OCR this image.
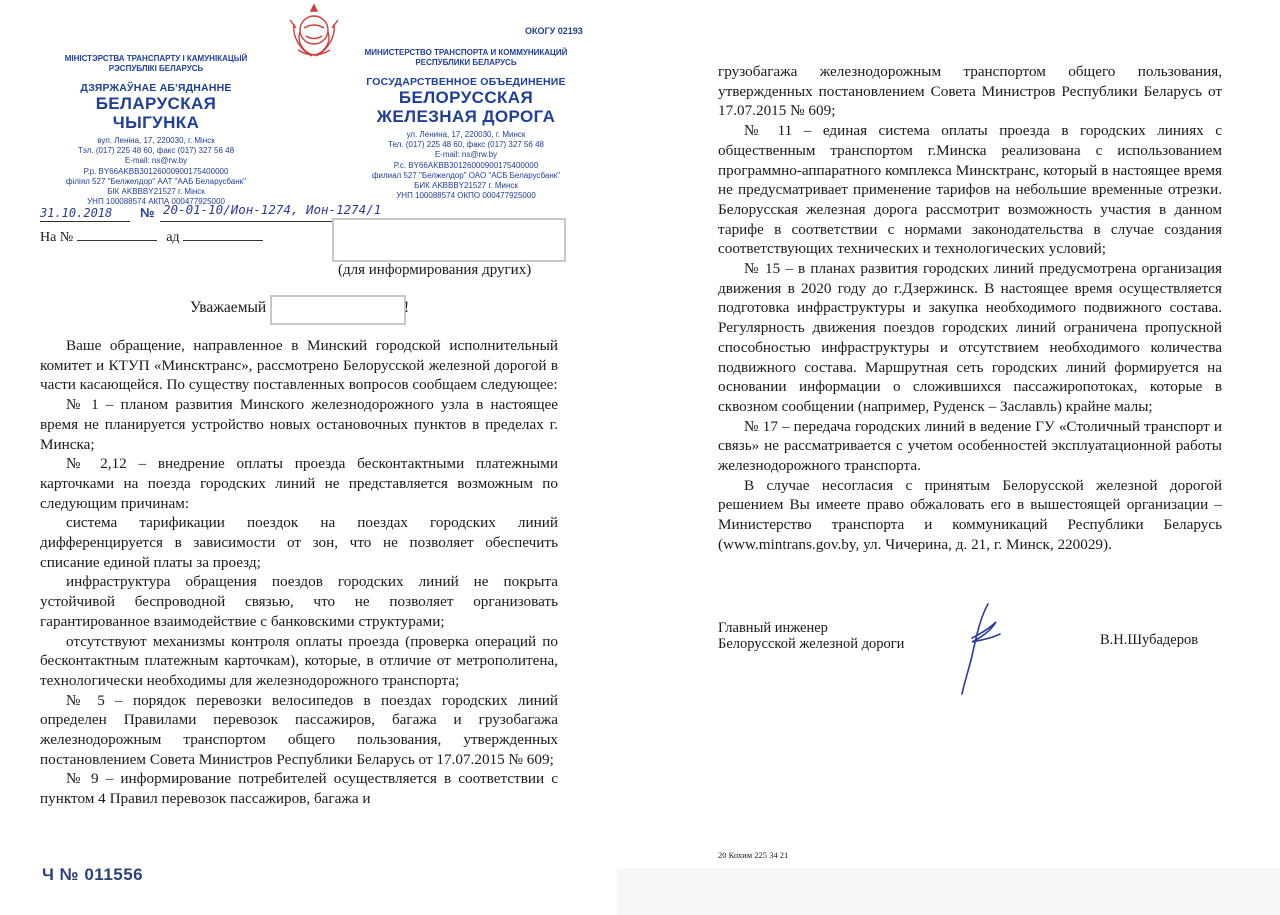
ОКОГУ 02193
МІНІСТЭРСТВА ТРАНСПАРТУ І КАМУНІКАЦЫЙ
РЭСПУБЛІКІ БЕЛАРУСЬ
ДЗЯРЖАЎНАЕ АБ'ЯДНАННЕ
БЕЛАРУСКАЯ
ЧЫГУНКА
вул. Леніна, 17, 220030, г. Мінск
Тэл. (017) 225 48 60, факс (017) 327 56 48
E-mail: ns@rw.by
Р.р. BY66AKBB30126000900175400000
філіял 527 "Белжелдор" ААТ "ААБ Беларусбанк"
БІК AKBBBY21527 г. Мінск
УНП 100088574 АКПА 000477925000
МИНИСТЕРСТВО ТРАНСПОРТА И КОММУНИКАЦИЙ
РЕСПУБЛИКИ БЕЛАРУСЬ
ГОСУДАРСТВЕННОЕ ОБЪЕДИНЕНИЕ
БЕЛОРУССКАЯ
ЖЕЛЕЗНАЯ ДОРОГА
ул. Ленина, 17, 220030, г. Минск
Тел. (017) 225 48 60, факс (017) 327 56 48
E-mail: ns@rw.by
Р.с. BY66AKBB30126000900175400000
филиал 527 "Белжелдор" ОАО "АСБ Беларусбанк"
БИК AKBBBY21527 г. Минск
УНП 100088574 ОКПО 000477925000
31.10.2018 № 20-01-10/Ион-1274, Ион-1274/1
На №	ад
(для информирования других)
Уважаемый	!

Ваше обращение, направленное в Минский городской исполнительный комитет и КТУП «Минсктранс», рассмотрено Белорусской железной дорогой в части касающейся. По существу поставленных вопросов сообщаем следующее:

№ 1 – планом развития Минского железнодорожного узла в настоящее время не планируется устройство новых остановочных пунктов в пределах г. Минска;

№ 2,12 – внедрение оплаты проезда бесконтактными платежными карточками на поезда городских линий не представляется возможным по следующим причинам:

система тарификации поездок на поездах городских линий дифференцируется в зависимости от зон, что не позволяет обеспечить списание единой платы за проезд;

инфраструктура обращения поездов городских линий не покрыта устойчивой беспроводной связью, что не позволяет организовать гарантированное взаимодействие с банковскими структурами;

отсутствуют механизмы контроля оплаты проезда (проверка операций по бесконтактным платежным карточкам), которые, в отличие от метрополитена, технологически необходимы для железнодорожного транспорта;

№ 5 – порядок перевозки велосипедов в поездах городских линий определен Правилами перевозок пассажиров, багажа и грузобагажа железнодорожным транспортом общего пользования, утвержденных постановлением Совета Министров Республики Беларусь от 17.07.2015 № 609;

№ 9 – информирование потребителей осуществляется в соответствии с пунктом 4 Правил перевозок пассажиров, багажа и

Ч № 011556

грузобагажа железнодорожным транспортом общего пользования, утвержденных постановлением Совета Министров Республики Беларусь от 17.07.2015 № 609;

№ 11 – единая система оплаты проезда в городских линиях с общественным транспортом г.Минска реализована с использованием программно-аппаратного комплекса Минсктранс, который в настоящее время не предусматривает применение тарифов на небольшие временные отрезки. Белорусская железная дорога рассмотрит возможность участия в данном тарифе в соответствии с нормами законодательства в случае создания соответствующих технических и технологических условий;

№ 15 – в планах развития городских линий предусмотрена организация движения в 2020 году до г.Дзержинск. В настоящее время осуществляется подготовка инфраструктуры и закупка необходимого подвижного состава. Регулярность движения поездов городских линий ограничена пропускной способностью инфраструктуры и отсутствием необходимого количества подвижного состава. Маршрутная сеть городских линий формируется на основании информации о сложившихся пассажиропотоках, которые в сквозном сообщении (например, Руденск – Заславль) крайне малы;

№ 17 – передача городских линий в ведение ГУ «Столичный транспорт и связь» не рассматривается с учетом особенностей эксплуатационной работы железнодорожного транспорта.

В случае несогласия с принятым Белорусской железной дорогой решением Вы имеете право обжаловать его в вышестоящей организации – Министерство транспорта и коммуникаций Республики Беларусь (www.mintrans.gov.by, ул. Чичерина, д. 21, г. Минск, 220029).

Главный инженер
Белорусской железной дороги	В.Н.Шубадеров
20 Кохим 225 34 21
